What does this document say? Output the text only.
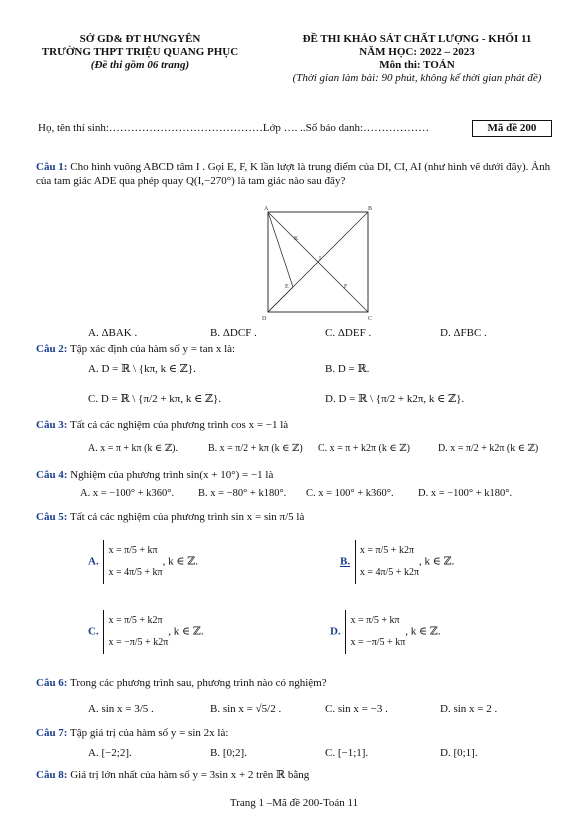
SỞ GD& ĐT HƯNGYÊN
TRƯỜNG THPT TRIỆU QUANG PHỤC
(Đề thi gồm 06 trang)
ĐỀ THI KHẢO SÁT CHẤT LƯỢNG - KHỐI 11
NĂM HỌC: 2022 – 2023
Môn thi: TOÁN
(Thời gian làm bài: 90 phút, không kể thời gian phát đề)
Họ, tên thí sinh:……………………………………Lớp …. ..Số báo danh:………………	Mã đề 200
Câu 1: Cho hình vuông ABCD tâm I . Gọi E, F, K lần lượt là trung điểm của DI, CI, AI (như hình vẽ dưới đây). Ảnh của tam giác ADE qua phép quay Q(I,−270°) là tam giác nào sau đây?
A	B
C
D
I
K
E	F
A. ΔBAK .	B. ΔDCF .	C. ΔDEF .	D. ΔFBC .
Câu 2: Tập xác định của hàm số y = tan x là:
A. D = ℝ \ {kπ, k ∈ ℤ}.	B. D = ℝ.
C. D = ℝ \ {π/2 + kπ, k ∈ ℤ}.	D. D = ℝ \ {π/2 + k2π, k ∈ ℤ}.
Câu 3: Tất cả các nghiệm của phương trình cos x = −1 là
A. x = π + kπ (k ∈ ℤ).	B. x = π/2 + kπ (k ∈ ℤ) C. x = π + k2π (k ∈ ℤ)	D. x = π/2 + k2π (k ∈ ℤ)
Câu 4: Nghiệm của phương trình sin(x + 10°) = −1 là
A. x = −100° + k360°. B. x = −80° + k180°. C. x = 100° + k360°. D. x = −100° + k180°.
Câu 5: Tất cả các nghiệm của phương trình sin x = sin π/5 là
A.
x = π/5 + kπ
x = 4π/5 + kπ
, k ∈ ℤ.	B.
x = π/5 + k2π
x = 4π/5 + k2π
, k ∈ ℤ.
C.
x = π/5 + k2π
x = −π/5 + k2π
, k ∈ ℤ.	D.
x = π/5 + kπ
x = −π/5 + kπ
, k ∈ ℤ.
Câu 6: Trong các phương trình sau, phương trình nào có nghiệm?
A. sin x = 3/5 .	B. sin x = √5/2 .	C. sin x = −3 .	D. sin x = 2 .
Câu 7: Tập giá trị của hàm số y = sin 2x là:
A. [−2;2].	B. [0;2].	C. [−1;1].	D. [0;1].
Câu 8: Giá trị lớn nhất của hàm số y = 3sin x + 2 trên ℝ bằng
Trang 1 –Mã đề 200-Toán 11
